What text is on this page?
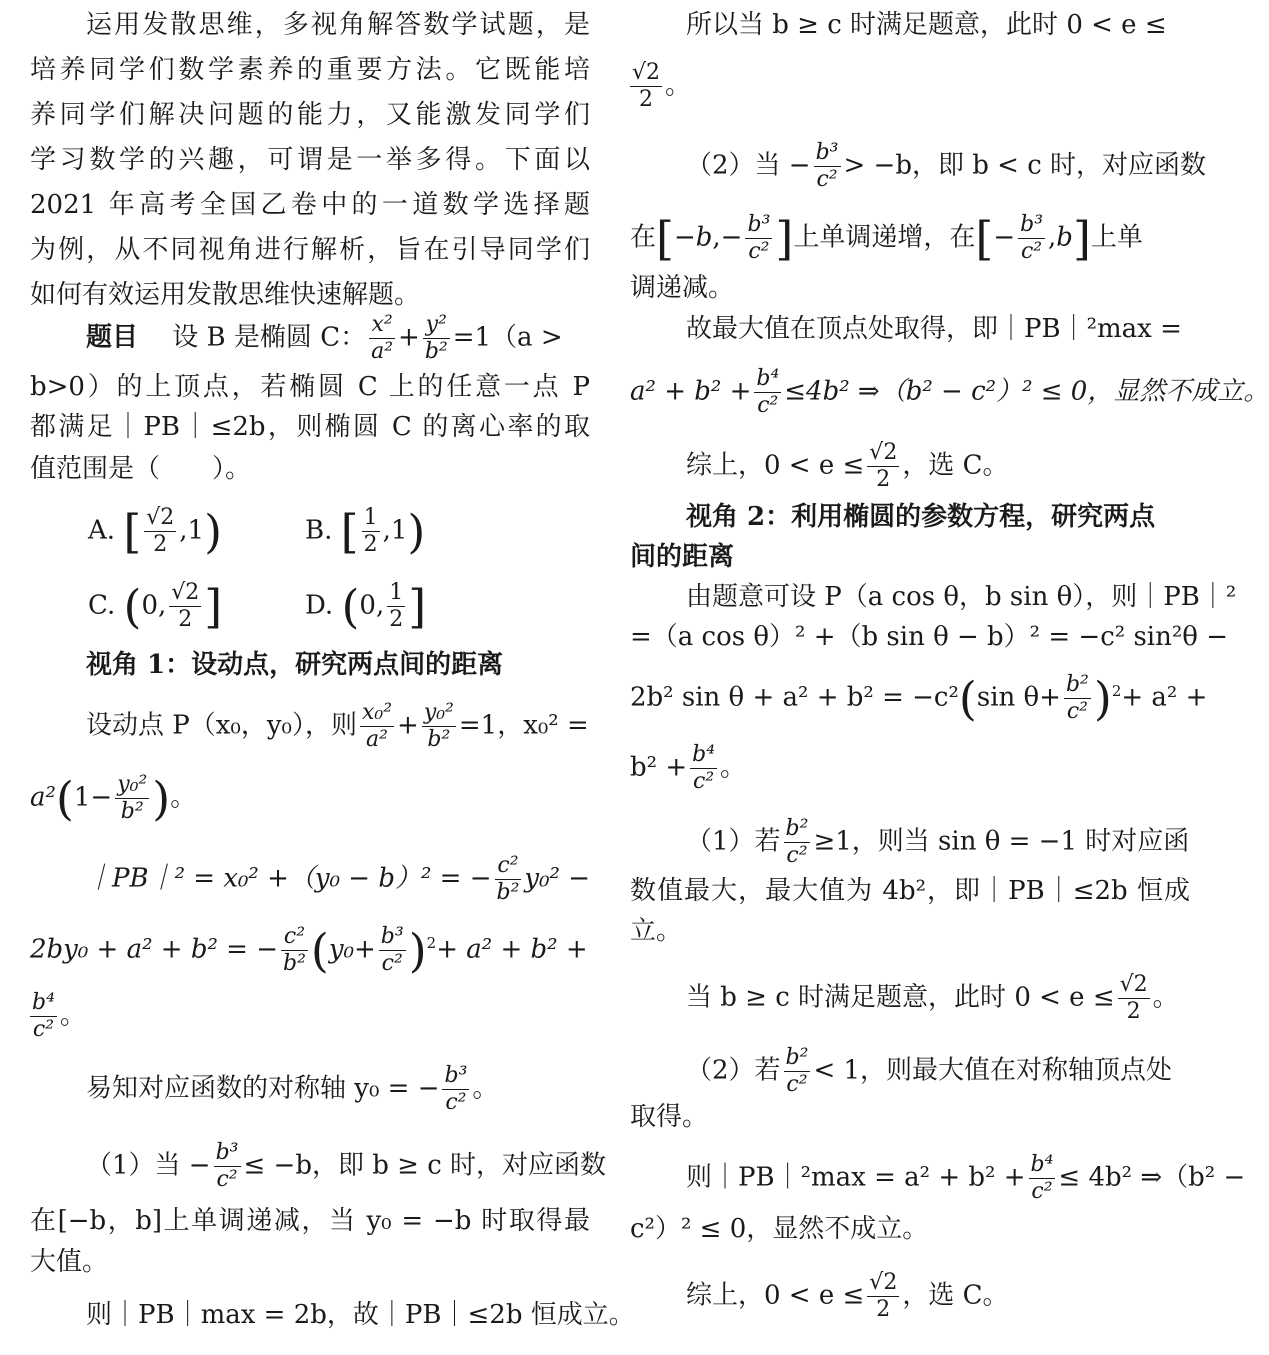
运用发散思维，多视角解答数学试题，是
培养同学们数学素养的重要方法。它既能培
养同学们解决问题的能力，又能激发同学们
学习数学的兴趣，可谓是一举多得。下面以
2021 年高考全国乙卷中的一道数学选择题
为例，从不同视角进行解析，旨在引导同学们
如何有效运用发散思维快速解题。
题目 　 设 B 是椭圆 C： $\frac{\text{x²}}{\text{a²}} + \frac{\text{y²}}{\text{b²}} =1(a$ >
b>0）的上顶点，若椭圆 C 上的任意一点 P
都满足｜PB｜≤2b，则椭圆 C 的离心率的取
值范围是（　　）。
A. [ $\frac{√2}{2} ,1$)	B. [ $\frac{1}{2} ,1$)
C. (0, $\frac{√2}{2}$ ]	D. (0, $\frac{1}{2}$ ]
视角 1：设动点，研究两点间的距离
设动点 P（x₀，y₀），则 $\frac{\text{x₀²}}{\text{a²}} + \frac{\text{y₀²}}{\text{b²}} =1$，x₀² =
$a^2(1- \frac{\text{y₀²}}{\text{b²}}$ )。
｜PB｜² = x₀² +（y₀ − b）² = − $\frac{\text{c²}}{\text{b²}} y_0^2$ −
2by₀ + a² + b² = − $\frac{\text{c²}}{\text{b²}} (y_0+ \frac{\text{b³}}{\text{c²}} )^2+ a^2 + b^2$ +
$\frac{\text{b⁴}}{\text{c²}}$ 。
易知对应函数的对称轴 y₀ = − $\frac{\text{b³}}{\text{c²}}$ 。
（1）当 − $\frac{\text{b³}}{\text{c²}} \le -b$，即 b ≥ c 时，对应函数
在[−b，b]上单调递减，当 y₀ = −b 时取得最
大值。
则｜PB｜max = 2b，故｜PB｜≤2b 恒成立。
所以当 b ≥ c 时满足题意，此时 0 < e ≤
$\frac{√2}{2}$ 。
（2）当 − $\frac{\text{b³}}{\text{c²}} > -b$，即 b < c 时，对应函数
在[$-b,- \frac{\text{b³}}{\text{c²}}$ ]上单调递增，在[− $\frac{\text{b³}}{\text{c²}} ,b$]上单
调递减。
故最大值在顶点处取得，即｜PB｜²max =
$a^2 + b^2 + \frac{\text{b⁴}}{\text{c²}} \le 4b^2$ ⇒（b² − c²）² ≤ 0，显然不成立。
综上，$0 < e \le \frac{√2}{2}$ ，选 C。
视角 2：利用椭圆的参数方程，研究两点
间的距离
由题意可设 P（a cos θ，b sin θ），则｜PB｜²
=（a cos θ）² +（b sin θ − b）² = −c² sin²θ −
2b² sin θ + a² + b² = −c²(sin $\theta+ \frac{\text{b²}}{\text{c²}} )^2+ a^2$ +
$b^2 + \frac{\text{b⁴}}{\text{c²}}$ 。
（1）若 $\frac{\text{b²}}{\text{c²}} \ge 1$，则当 sin θ = −1 时对应函
数值最大，最大值为 4b²，即｜PB｜≤2b 恒成
立。
当 b ≥ c 时满足题意，此时 $0 < e \le \frac{√2}{2}$ 。
（2）若 $\frac{\text{b²}}{\text{c²}} < 1$，则最大值在对称轴顶点处
取得。
则｜PB｜²max = $a^2 + b^2 + \frac{\text{b⁴}}{\text{c²}} \le 4b^2$ ⇒（b² −
c²）² ≤ 0，显然不成立。
综上，$0 < e \le \frac{√2}{2}$ ，选 C。
